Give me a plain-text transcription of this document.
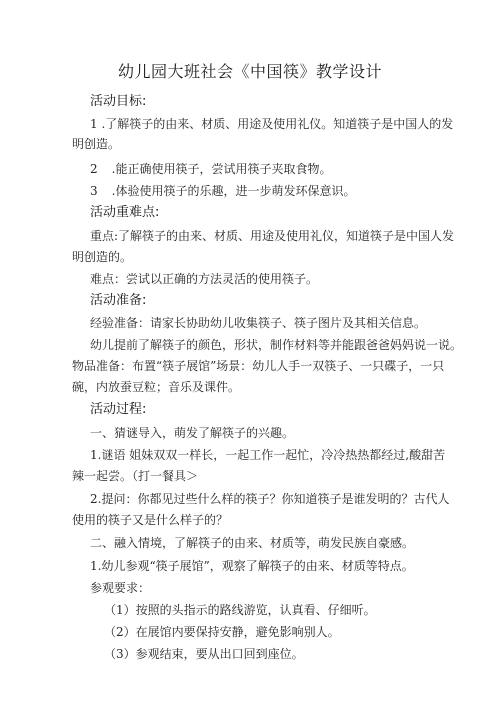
幼儿园大班社会《中国筷》教学设计
活动目标:
1 .了解筷子的由来、材质、用途及使用礼仪。知道筷子是中国人的发
明创造。
2 .能正确使用筷子，尝试用筷子夹取食物。
3 .体验使用筷子的乐趣，进一步萌发环保意识。
活动重难点:
重点:了解筷子的由来、材质、用途及使用礼仪，知道筷子是中国人发
明创造的。
难点：尝试以正确的方法灵活的使用筷子。
活动准备:
经验准备：请家长协助幼儿收集筷子、筷子图片及其相关信息。
幼儿提前了解筷子的颜色，形状，制作材料等并能跟爸爸妈妈说一说。
物品准备：布置“筷子展馆”场景：幼儿人手一双筷子、一只碟子，一只
碗，内放蚕豆粒；音乐及课件。
活动过程:
一、猜谜导入，萌发了解筷子的兴趣。
1.谜语 姐妹双双一样长，一起工作一起忙，冷冷热热都经过,酸甜苦
辣一起尝。（打一餐具＞
2.提问：你都见过些什么样的筷子？你知道筷子是谁发明的？古代人
使用的筷子又是什么样子的？
二、融入情境，了解筷子的由来、材质等，萌发民族自豪感。
1.幼儿参观“筷子展馆”，观察了解筷子的由来、材质等特点。
参观要求：
（1）按照的头指示的路线游览，认真看、仔细听。
（2）在展馆内要保持安静，避免影响别人。
（3）参观结束，要从出口回到座位。
